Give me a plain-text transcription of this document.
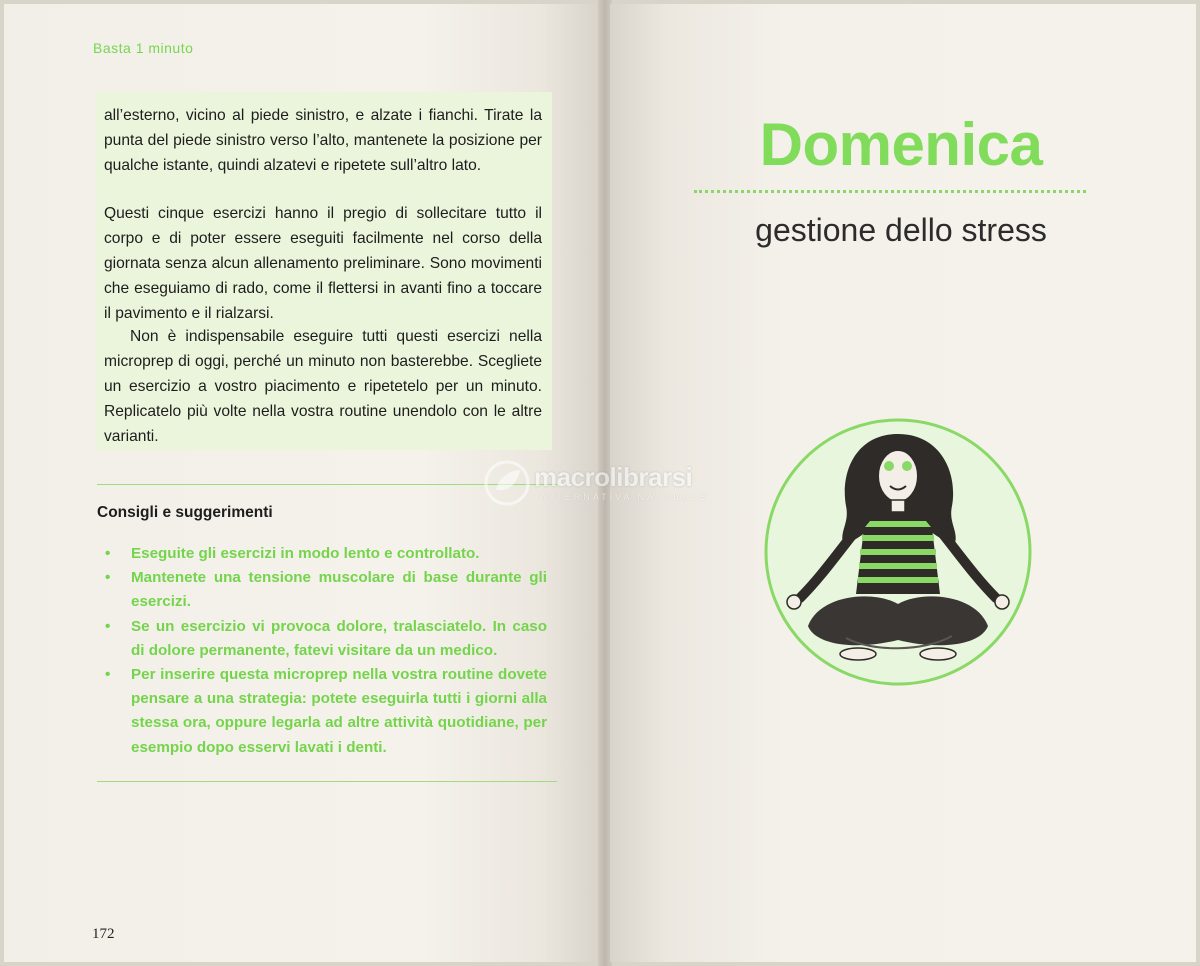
Basta 1 minuto

all’esterno, vicino al piede sinistro, e alzate i fianchi. Tirate la punta del piede sinistro verso l’alto, mantenete la posizione per qualche istante, quindi alzatevi e ripetete sull’altro lato.

Questi cinque esercizi hanno il pregio di sollecitare tutto il corpo e di poter essere eseguiti facilmente nel corso della giornata senza alcun allenamento preliminare. Sono movimenti che eseguiamo di rado, come il flettersi in avanti fino a toccare il pavimento e il rialzarsi.

Non è indispensabile eseguire tutti questi esercizi nella microprep di oggi, perché un minuto non basterebbe. Scegliete un esercizio a vostro piacimento e ripetetelo per un minuto. Replicatelo più volte nella vostra routine unendolo con le altre varianti.

Consigli e suggerimenti
• Eseguite gli esercizi in modo lento e controllato.
• Mantenete una tensione muscolare di base durante gli esercizi.
• Se un esercizio vi provoca dolore, tralasciatelo. In caso di dolore permanente, fatevi visitare da un medico.
• Per inserire questa microprep nella vostra routine dovete pensare a una strategia: potete eseguirla tutti i giorni alla stessa ora, oppure legarla ad altre attività quotidiane, per esempio dopo esservi lavati i denti.
172
Domenica
gestione dello stress
macrolibrarsi
ALTERNATIVA NATURALE
